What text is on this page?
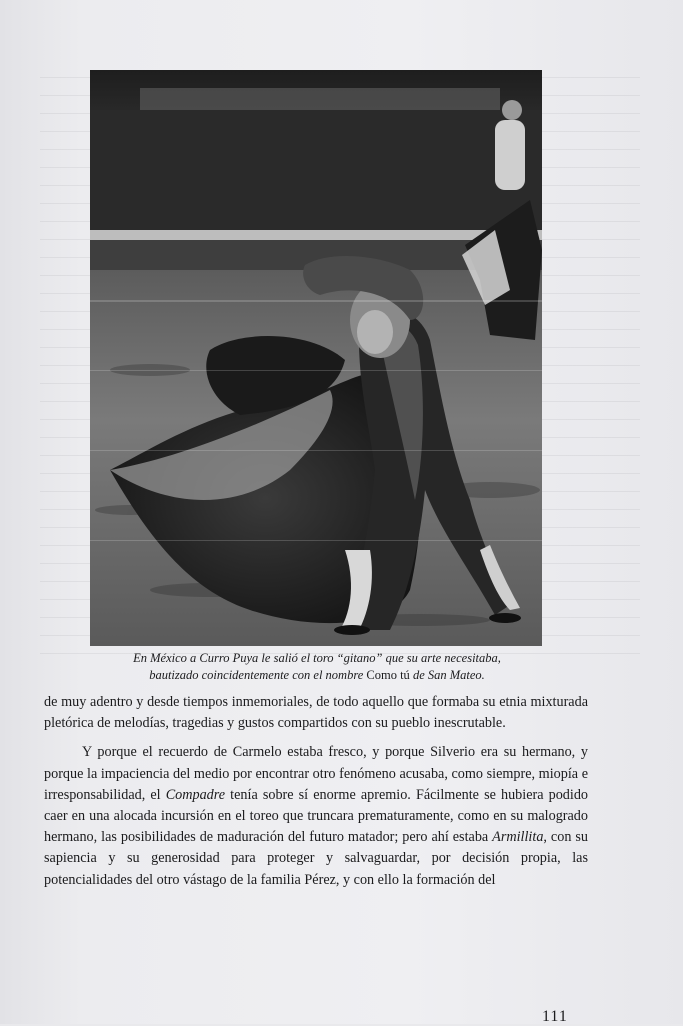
En México a Curro Puya le salió el toro “gitano” que su arte necesitaba,
bautizado coincidentemente con el nombre Como tú de San Mateo.

de muy adentro y desde tiempos inmemoriales, de todo aquello que formaba su etnia mixturada pletórica de melodías, tragedias y gustos compartidos con su pueblo inescrutable.

Y porque el recuerdo de Carmelo estaba fresco, y porque Silverio era su hermano, y porque la impaciencia del medio por encontrar otro fenómeno acusaba, como siempre, miopía e irresponsabilidad, el Compadre tenía sobre sí enorme apremio. Fácilmente se hubiera podido caer en una alocada incursión en el toreo que truncara prematuramente, como en su malogrado hermano, las posibilidades de maduración del futuro matador; pero ahí estaba Armillita, con su sapiencia y su generosidad para proteger y salvaguardar, por decisión propia, las potencialidades del otro vástago de la familia Pérez, y con ello la formación del

111
